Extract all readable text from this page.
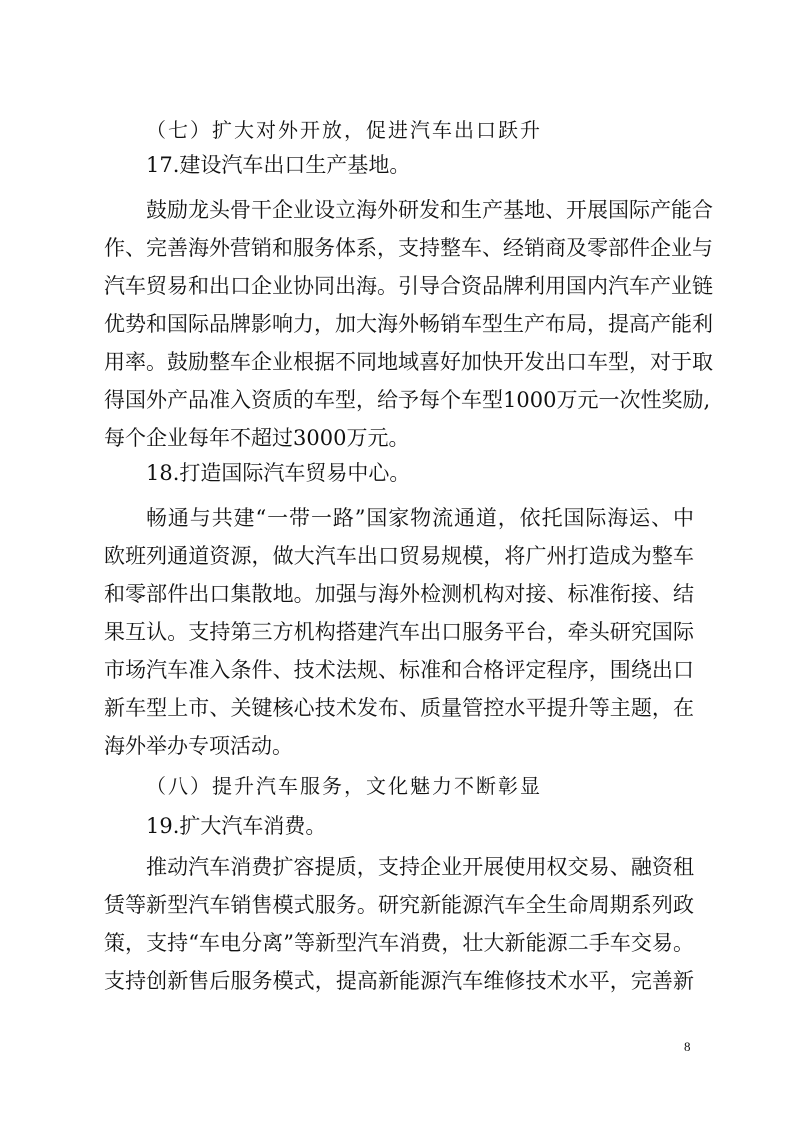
（七）扩大对外开放，促进汽车出口跃升
17.建设汽车出口生产基地。
鼓励龙头骨干企业设立海外研发和生产基地、开展国际产能合
作、完善海外营销和服务体系，支持整车、经销商及零部件企业与
汽车贸易和出口企业协同出海。引导合资品牌利用国内汽车产业链
优势和国际品牌影响力，加大海外畅销车型生产布局，提高产能利
用率。鼓励整车企业根据不同地域喜好加快开发出口车型，对于取
得国外产品准入资质的车型，给予每个车型1000万元一次性奖励,
每个企业每年不超过3000万元。
18.打造国际汽车贸易中心。
畅通与共建“一带一路”国家物流通道，依托国际海运、中
欧班列通道资源，做大汽车出口贸易规模，将广州打造成为整车
和零部件出口集散地。加强与海外检测机构对接、标准衔接、结
果互认。支持第三方机构搭建汽车出口服务平台，牵头研究国际
市场汽车准入条件、技术法规、标准和合格评定程序，围绕出口
新车型上市、关键核心技术发布、质量管控水平提升等主题，在
海外举办专项活动。
（八）提升汽车服务，文化魅力不断彰显
19.扩大汽车消费。
推动汽车消费扩容提质，支持企业开展使用权交易、融资租
赁等新型汽车销售模式服务。研究新能源汽车全生命周期系列政
策，支持“车电分离”等新型汽车消费，壮大新能源二手车交易。
支持创新售后服务模式，提高新能源汽车维修技术水平，完善新
8
